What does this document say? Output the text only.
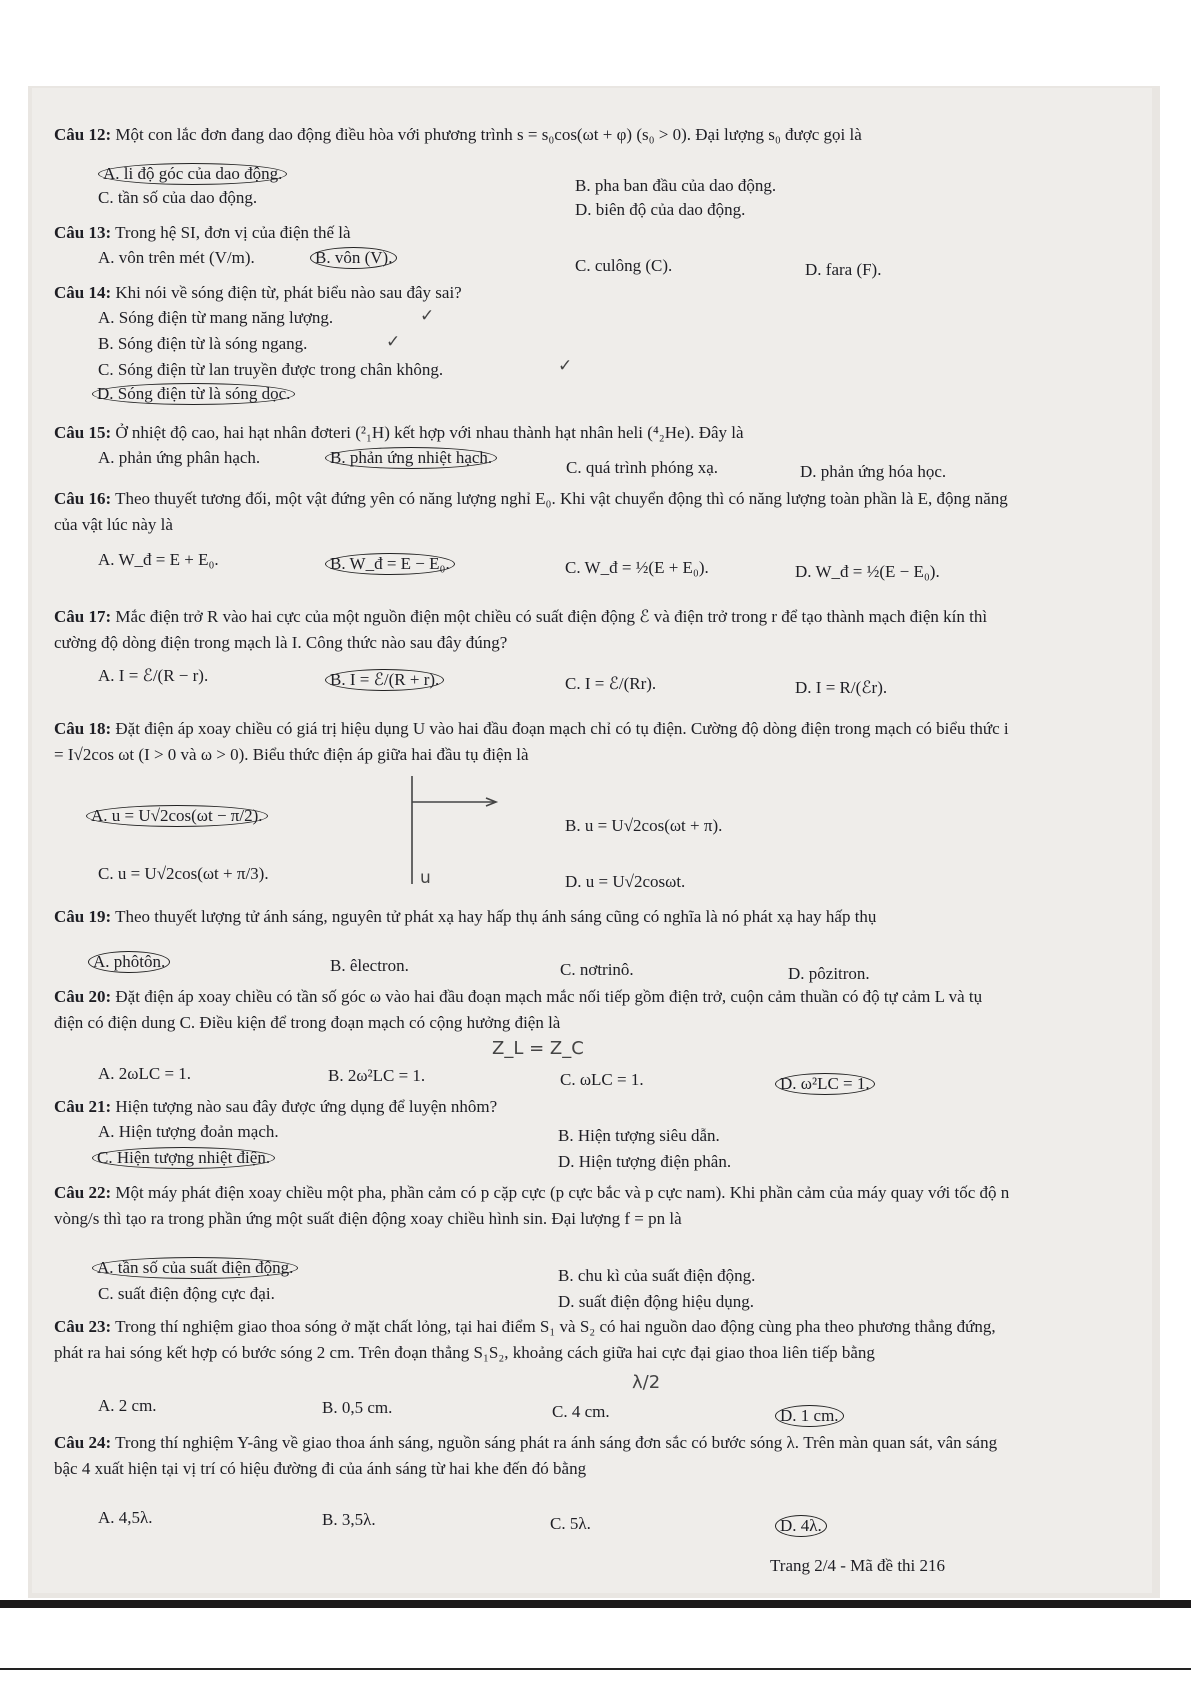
Câu 12: Một con lắc đơn đang dao động điều hòa với phương trình s = s₀cos(ωt + φ) (s₀ > 0). Đại lượng s₀ được gọi là
A. li độ góc của dao động.
B. pha ban đầu của dao động.
C. tần số của dao động.
D. biên độ của dao động.
Câu 13: Trong hệ SI, đơn vị của điện thế là
A. vôn trên mét (V/m).	B. vôn (V).	C. culông (C).	D. fara (F).
Câu 14: Khi nói về sóng điện từ, phát biểu nào sau đây sai?
A. Sóng điện từ mang năng lượng.	✓
B. Sóng điện từ là sóng ngang.	✓
C. Sóng điện từ lan truyền được trong chân không.	✓
D. Sóng điện từ là sóng dọc.
Câu 15: Ở nhiệt độ cao, hai hạt nhân đơteri (²₁H) kết hợp với nhau thành hạt nhân heli (⁴₂He). Đây là
A. phản ứng phân hạch.	B. phản ứng nhiệt hạch.
C. quá trình phóng xạ.	D. phản ứng hóa học.
Câu 16: Theo thuyết tương đối, một vật đứng yên có năng lượng nghỉ E₀. Khi vật chuyển động thì có năng lượng toàn phần là E, động năng của vật lúc này là
A. W_đ = E + E₀.	B. W_đ = E − E₀.	C. W_đ = ½(E + E₀).	D. W_đ = ½(E − E₀).
Câu 17: Mắc điện trở R vào hai cực của một nguồn điện một chiều có suất điện động ℰ và điện trở trong r để tạo thành mạch điện kín thì cường độ dòng điện trong mạch là I. Công thức nào sau đây đúng?
A. I = ℰ/(R − r).	B. I = ℰ/(R + r).	C. I = ℰ/(Rr).	D. I = R/(ℰr).
Câu 18: Đặt điện áp xoay chiều có giá trị hiệu dụng U vào hai đầu đoạn mạch chỉ có tụ điện. Cường độ dòng điện trong mạch có biểu thức i = I√2cos ωt (I > 0 và ω > 0). Biểu thức điện áp giữa hai đầu tụ điện là
A. u = U√2cos(ωt − π/2).
B. u = U√2cos(ωt + π).
C. u = U√2cos(ωt + π/3).	D. u = U√2cosωt.
u
Câu 19: Theo thuyết lượng tử ánh sáng, nguyên tử phát xạ hay hấp thụ ánh sáng cũng có nghĩa là nó phát xạ hay hấp thụ
A. phôtôn.	B. êlectron.	C. nơtrinô.	D. pôzitron.
Câu 20: Đặt điện áp xoay chiều có tần số góc ω vào hai đầu đoạn mạch mắc nối tiếp gồm điện trở, cuộn cảm thuần có độ tự cảm L và tụ điện có điện dung C. Điều kiện để trong đoạn mạch có cộng hưởng điện là
Z_L = Z_C
A. 2ωLC = 1.	B. 2ω²LC = 1.	C. ωLC = 1.	D. ω²LC = 1.
Câu 21: Hiện tượng nào sau đây được ứng dụng để luyện nhôm?
A. Hiện tượng đoản mạch.	B. Hiện tượng siêu dẫn.
C. Hiện tượng nhiệt điện.	D. Hiện tượng điện phân.
Câu 22: Một máy phát điện xoay chiều một pha, phần cảm có p cặp cực (p cực bắc và p cực nam). Khi phần cảm của máy quay với tốc độ n vòng/s thì tạo ra trong phần ứng một suất điện động xoay chiều hình sin. Đại lượng f = pn là
A. tần số của suất điện động.	B. chu kì của suất điện động.
C. suất điện động cực đại.	D. suất điện động hiệu dụng.
Câu 23: Trong thí nghiệm giao thoa sóng ở mặt chất lỏng, tại hai điểm S₁ và S₂ có hai nguồn dao động cùng pha theo phương thẳng đứng, phát ra hai sóng kết hợp có bước sóng 2 cm. Trên đoạn thẳng S₁S₂, khoảng cách giữa hai cực đại giao thoa liên tiếp bằng
λ/2
A. 2 cm.	B. 0,5 cm.	C. 4 cm.	D. 1 cm.
Câu 24: Trong thí nghiệm Y-âng về giao thoa ánh sáng, nguồn sáng phát ra ánh sáng đơn sắc có bước sóng λ. Trên màn quan sát, vân sáng bậc 4 xuất hiện tại vị trí có hiệu đường đi của ánh sáng từ hai khe đến đó bằng
A. 4,5λ.	B. 3,5λ.	C. 5λ.	D. 4λ.
Trang 2/4 - Mã đề thi 216
